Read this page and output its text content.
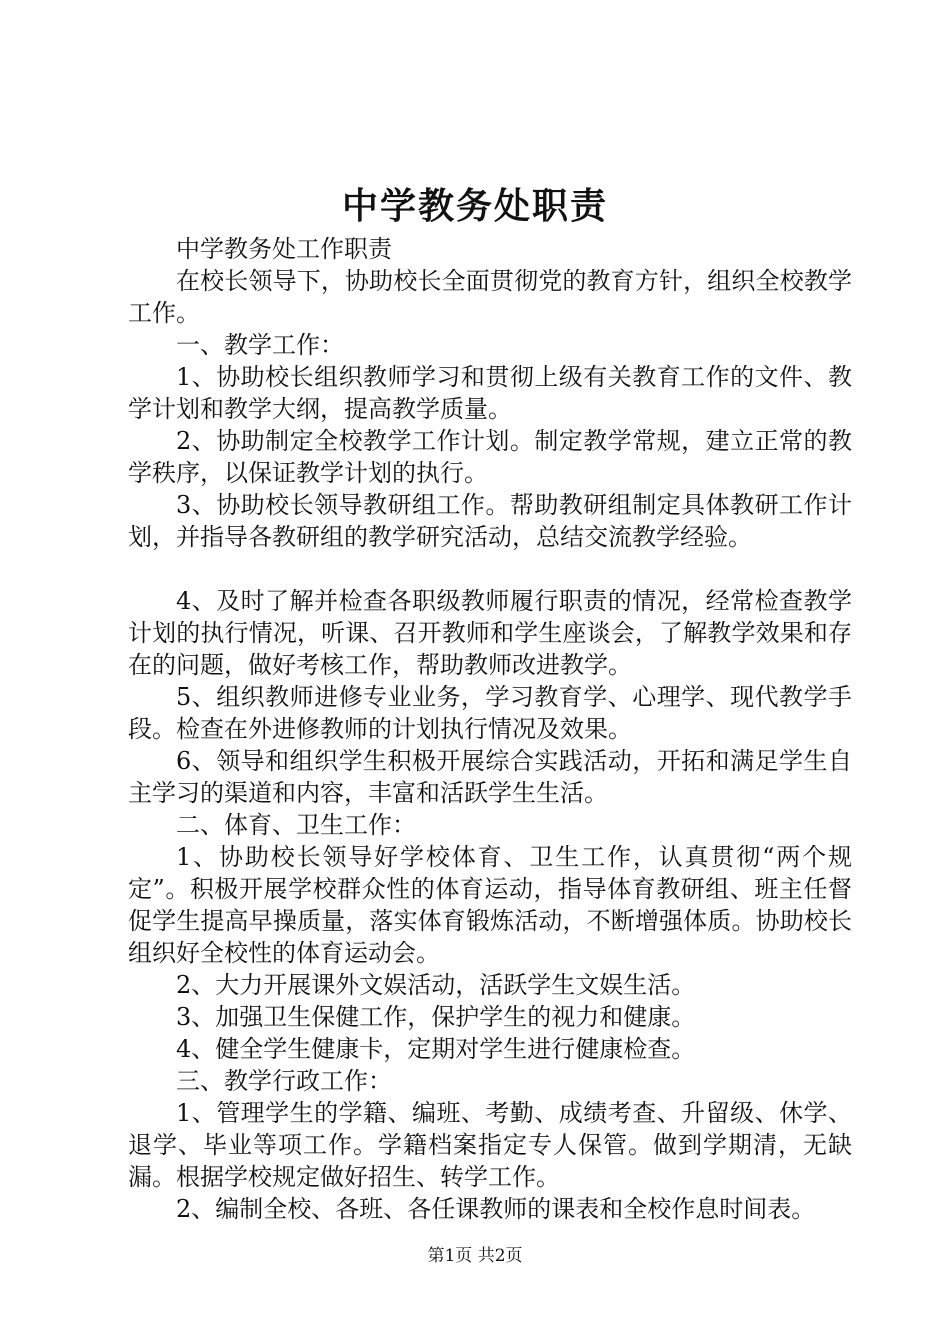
中学教务处职责

中学教务处工作职责

在校长领导下，协助校长全面贯彻党的教育方针，组织全校教学工作。

一、教学工作：

1、协助校长组织教师学习和贯彻上级有关教育工作的文件、教学计划和教学大纲，提高教学质量。

2、协助制定全校教学工作计划。制定教学常规，建立正常的教学秩序，以保证教学计划的执行。

3、协助校长领导教研组工作。帮助教研组制定具体教研工作计划，并指导各教研组的教学研究活动，总结交流教学经验。

4、及时了解并检查各职级教师履行职责的情况，经常检查教学计划的执行情况，听课、召开教师和学生座谈会，了解教学效果和存在的问题，做好考核工作，帮助教师改进教学。

5、组织教师进修专业业务，学习教育学、心理学、现代教学手段。检查在外进修教师的计划执行情况及效果。

6、领导和组织学生积极开展综合实践活动，开拓和满足学生自主学习的渠道和内容，丰富和活跃学生生活。

二、体育、卫生工作：

1、协助校长领导好学校体育、卫生工作，认真贯彻“两个规定”。积极开展学校群众性的体育运动，指导体育教研组、班主任督促学生提高早操质量，落实体育锻炼活动，不断增强体质。协助校长组织好全校性的体育运动会。

2、大力开展课外文娱活动，活跃学生文娱生活。

3、加强卫生保健工作，保护学生的视力和健康。

4、健全学生健康卡，定期对学生进行健康检查。

三、教学行政工作：

1、管理学生的学籍、编班、考勤、成绩考查、升留级、休学、退学、毕业等项工作。学籍档案指定专人保管。做到学期清，无缺漏。根据学校规定做好招生、转学工作。

2、编制全校、各班、各任课教师的课表和全校作息时间表。

第1页 共2页
